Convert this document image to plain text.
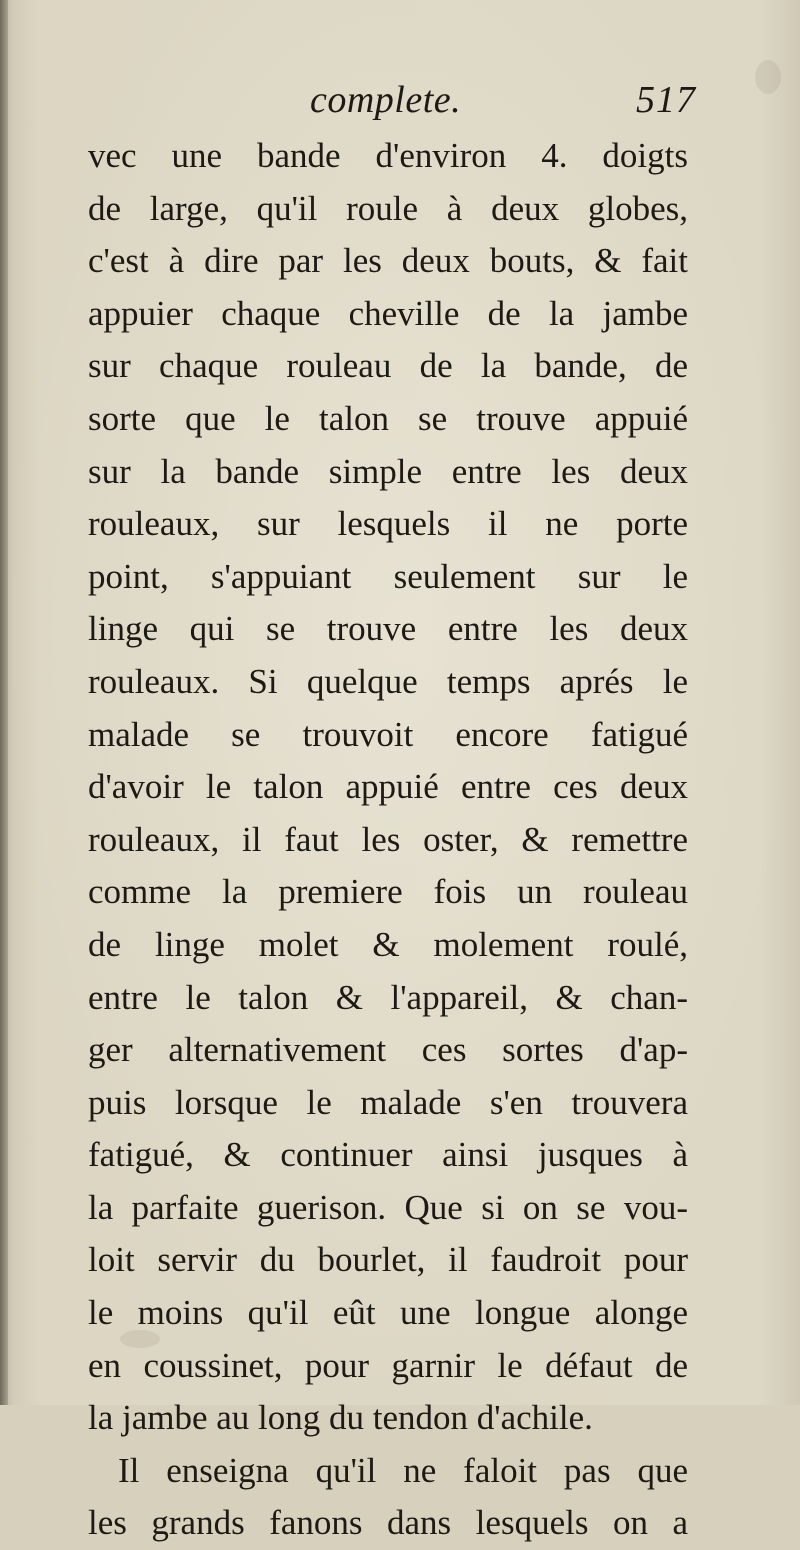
complete.	517
vec une bande d'environ 4. doigts
de large, qu'il roule à deux globes,
c'est à dire par les deux bouts, & fait
appuier chaque cheville de la jambe
sur chaque rouleau de la bande, de
sorte que le talon se trouve appuié
sur la bande simple entre les deux
rouleaux, sur lesquels il ne porte
point, s'appuiant seulement sur le
linge qui se trouve entre les deux
rouleaux. Si quelque temps aprés le
malade se trouvoit encore fatigué
d'avoir le talon appuié entre ces deux
rouleaux, il faut les oster, & remettre
comme la premiere fois un rouleau
de linge molet & molement roulé,
entre le talon & l'appareil, & chan-
ger alternativement ces sortes d'ap-
puis lorsque le malade s'en trouvera
fatigué, & continuer ainsi jusques à
la parfaite guerison. Que si on se vou-
loit servir du bourlet, il faudroit pour
le moins qu'il eût une longue alonge
en coussinet, pour garnir le défaut de
la jambe au long du tendon d'achile.
Il enseigna qu'il ne faloit pas que
les grands fanons dans lesquels on a
